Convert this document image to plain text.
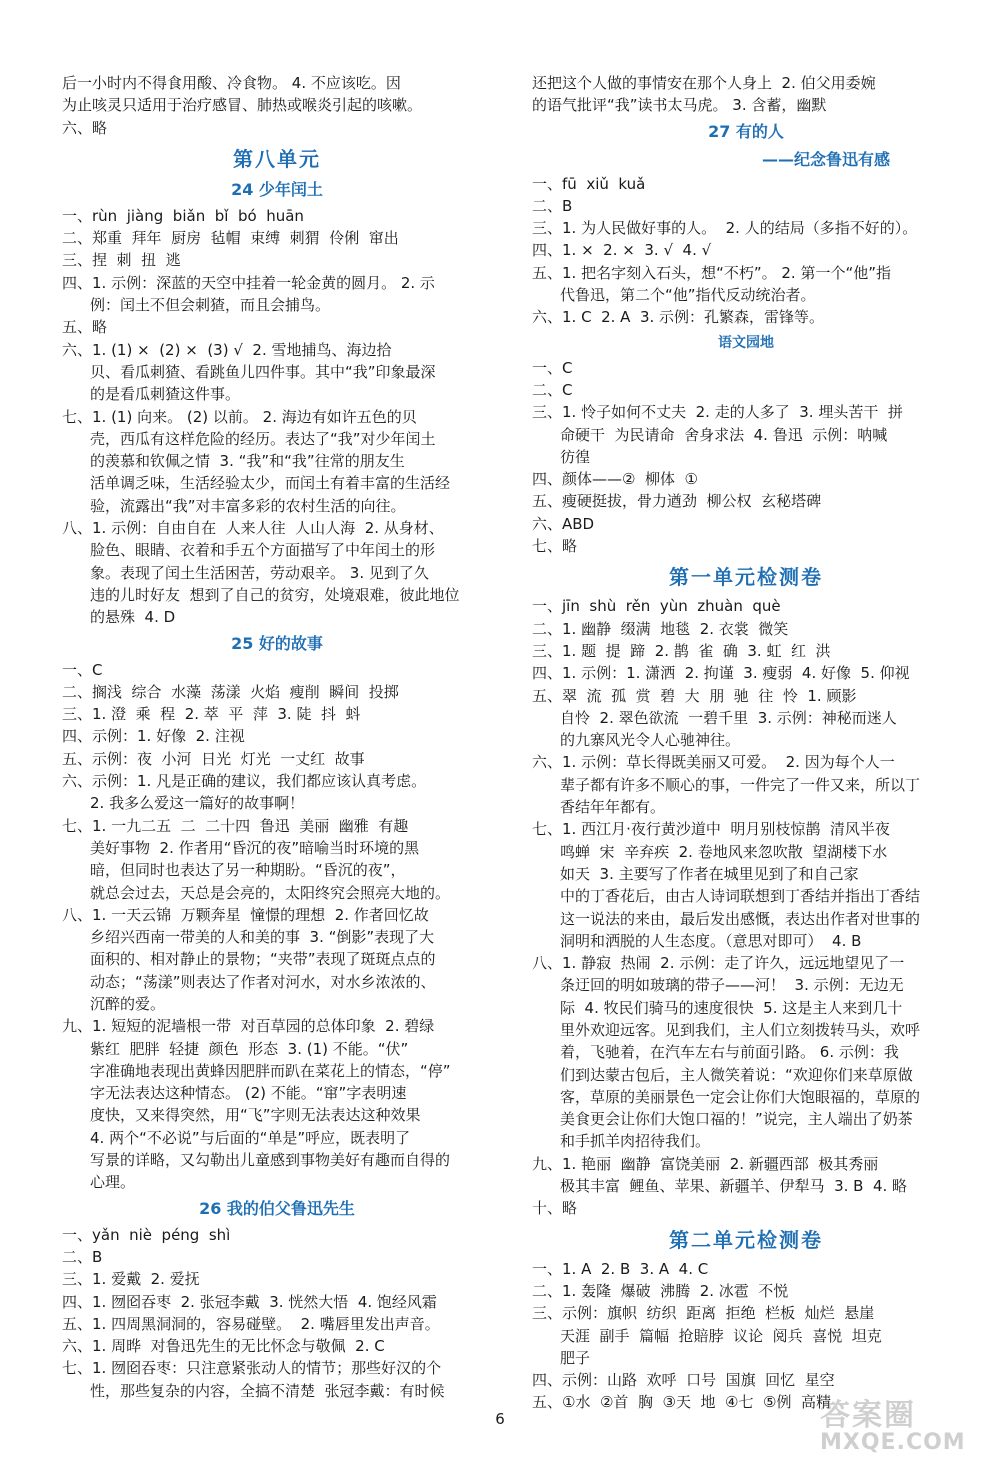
后一小时内不得食用酸、冷食物。 4. 不应该吃。因
为止咳灵只适用于治疗感冒、肺热或喉炎引起的咳嗽。
六、略
第八单元
24 少年闰土
一、rùn  jiàng  biǎn  bǐ  bó  huān
二、郑重  拜年  厨房  毡帽  束缚  刺猬  伶俐  窜出
三、捏  刺  扭  逃
四、1. 示例：深蓝的天空中挂着一轮金黄的圆月。 2. 示
例：闰土不但会刺猹，而且会捕鸟。
五、略
六、1. (1) ×  (2) ×  (3) √  2. 雪地捕鸟、海边拾
贝、看瓜刺猹、看跳鱼儿四件事。其中“我”印象最深
的是看瓜刺猹这件事。
七、1. (1) 向来。 (2) 以前。 2. 海边有如许五色的贝
壳，西瓜有这样危险的经历。表达了“我”对少年闰土
的羡慕和钦佩之情  3. “我”和“我”往常的朋友生
活单调乏味，生活经验太少，而闰土有着丰富的生活经
验，流露出“我”对丰富多彩的农村生活的向往。
八、1. 示例：自由自在  人来人往  人山人海  2. 从身材、
脸色、眼睛、衣着和手五个方面描写了中年闰土的形
象。表现了闰土生活困苦，劳动艰辛。 3. 见到了久
违的儿时好友  想到了自己的贫穷，处境艰难，彼此地位
的悬殊  4. D
25 好的故事
一、C
二、搁浅  综合  水藻  荡漾  火焰  瘦削  瞬间  投掷
三、1. 澄  乘  程  2. 萃  平  萍  3. 陡  抖  蚪
四、示例：1. 好像  2. 注视
五、示例：夜  小河  日光  灯光  一丈红  故事
六、示例：1. 凡是正确的建议，我们都应该认真考虑。
2. 我多么爱这一篇好的故事啊！
七、1. 一九二五  二  二十四  鲁迅  美丽  幽雅  有趣
美好事物  2. 作者用“昏沉的夜”暗喻当时环境的黑
暗，但同时也表达了另一种期盼。“昏沉的夜”，
就总会过去，天总是会亮的，太阳终究会照亮大地的。
八、1. 一天云锦  万颗奔星  憧憬的理想  2. 作者回忆故
乡绍兴西南一带美的人和美的事  3. “倒影”表现了大
面积的、相对静止的景物；“夹带”表现了斑斑点点的
动态；“荡漾”则表达了作者对河水，对水乡浓浓的、
沉醉的爱。
九、1. 短短的泥墙根一带  对百草园的总体印象  2. 碧绿
紫红  肥胖  轻捷  颜色  形态  3. (1) 不能。“伏”
字准确地表现出黄蜂因肥胖而趴在菜花上的情态，“停”
字无法表达这种情态。 (2) 不能。“窜”字表明速
度快，又来得突然，用“飞”字则无法表达这种效果
4. 两个“不必说”与后面的“单是”呼应，既表明了
写景的详略，又勾勒出儿童感到事物美好有趣而自得的
心理。
26 我的伯父鲁迅先生
一、yǎn  niè  péng  shì
二、B
三、1. 爱戴  2. 爱抚
四、1. 囫囵吞枣  2. 张冠李戴  3. 恍然大悟  4. 饱经风霜
五、1. 四周黑洞洞的，容易碰壁。  2. 嘴唇里发出声音。
六、1. 周晔  对鲁迅先生的无比怀念与敬佩  2. C
七、1. 囫囵吞枣：只注意紧张动人的情节；那些好汉的个
性，那些复杂的内容，全搞不清楚  张冠李戴：有时候
还把这个人做的事情安在那个人身上  2. 伯父用委婉
的语气批评“我”读书太马虎。 3. 含蓄，幽默
27 有的人
——纪念鲁迅有感
一、fū  xiǔ  kuǎ
二、B
三、1. 为人民做好事的人。  2. 人的结局（多指不好的）。
四、1. ×  2. ×  3. √  4. √
五、1. 把名字刻入石头，想“不朽”。 2. 第一个“他”指
代鲁迅，第二个“他”指代反动统治者。
六、1. C  2. A  3. 示例：孔繁森，雷锋等。
语文园地
一、C
二、C
三、1. 怜子如何不丈夫  2. 走的人多了  3. 埋头苦干  拼
命硬干  为民请命  舍身求法  4. 鲁迅  示例：呐喊
彷徨
四、颜体——②  柳体  ①
五、瘦硬挺拔，骨力遒劲  柳公权  玄秘塔碑
六、ABD
七、略
第一单元检测卷
一、jīn  shù  rěn  yùn  zhuàn  què
二、1. 幽静  缀满  地毯  2. 衣裳  微笑
三、1. 题  提  蹄  2. 鹊  雀  确  3. 虹  红  洪
四、1. 示例：1. 潇洒  2. 拘谨  3. 瘦弱  4. 好像  5. 仰视
五、翠  流  孤  赏  碧  大  朋  驰  往  怜  1. 顾影
自怜  2. 翠色欲流  一碧千里  3. 示例：神秘而迷人
的九寨风光令人心驰神往。
六、1. 示例：草长得既美丽又可爱。  2. 因为每个人一
辈子都有许多不顺心的事，一件完了一件又来，所以丁
香结年年都有。
七、1. 西江月·夜行黄沙道中  明月别枝惊鹊  清风半夜
鸣蝉  宋  辛弃疾  2. 卷地风来忽吹散  望湖楼下水
如天  3. 主要写了作者在城里见到了和自己家
中的丁香花后，由古人诗词联想到丁香结并指出丁香结
这一说法的来由，最后发出感慨，表达出作者对世事的
洞明和洒脱的人生态度。（意思对即可）  4. B
八、1. 静寂  热闹  2. 示例：走了许久，远远地望见了一
条迂回的明如玻璃的带子——河！  3. 示例：无边无
际  4. 牧民们骑马的速度很快  5. 这是主人来到几十
里外欢迎远客。见到我们，主人们立刻拨转马头，欢呼
着，飞驰着，在汽车左右与前面引路。 6. 示例：我
们到达蒙古包后，主人微笑着说：“欢迎你们来草原做
客，草原的美丽景色一定会让你们大饱眼福的，草原的
美食更会让你们大饱口福的！”说完，主人端出了奶茶
和手抓羊肉招待我们。
九、1. 艳丽  幽静  富饶美丽  2. 新疆西部  极其秀丽
极其丰富  鲤鱼、苹果、新疆羊、伊犁马  3. B  4. 略
十、略
第二单元检测卷
一、1. A  2. B  3. A  4. C
二、1. 轰隆  爆破  沸腾  2. 冰雹  不悦
三、示例：旗帜  纺织  距离  拒绝  栏板  灿烂  悬崖
天涯  副手  篇幅  抢賠脖  议论  阅兵  喜悦  坦克
肥子
四、示例：山路  欢呼  口号  国旗  回忆  星空
五、①水  ②首  胸  ③天  地  ④七  ⑤例  高精
6	答案圈
MXQE.COM
